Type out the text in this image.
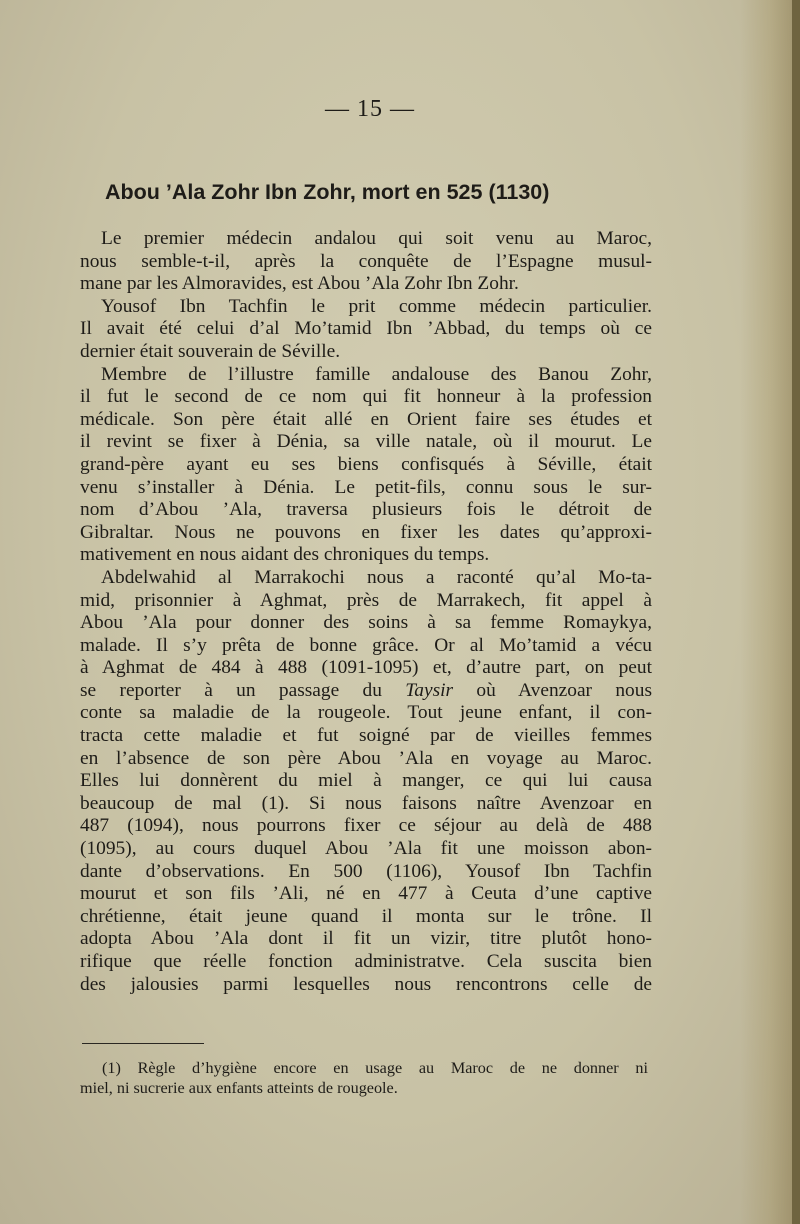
— 15 —
Abou ’Ala Zohr Ibn Zohr, mort en 525 (1130)
Le premier médecin andalou qui soit venu au Maroc,
nous semble-t-il, après la conquête de l’Espagne musul-
mane par les Almoravides, est Abou ’Ala Zohr Ibn Zohr.
Yousof Ibn Tachfin le prit comme médecin particulier.
Il avait été celui d’al Mo’tamid Ibn ’Abbad, du temps où ce
dernier était souverain de Séville.
Membre de l’illustre famille andalouse des Banou Zohr,
il fut le second de ce nom qui fit honneur à la profession
médicale. Son père était allé en Orient faire ses études et
il revint se fixer à Dénia, sa ville natale, où il mourut. Le
grand-père ayant eu ses biens confisqués à Séville, était
venu s’installer à Dénia. Le petit-fils, connu sous le sur-
nom d’Abou ’Ala, traversa plusieurs fois le détroit de
Gibraltar. Nous ne pouvons en fixer les dates qu’approxi-
mativement en nous aidant des chroniques du temps.
Abdelwahid al Marrakochi nous a raconté qu’al Mo-ta-
mid, prisonnier à Aghmat, près de Marrakech, fit appel à
Abou ’Ala pour donner des soins à sa femme Romaykya,
malade. Il s’y prêta de bonne grâce. Or al Mo’tamid a vécu
à Aghmat de 484 à 488 (1091-1095) et, d’autre part, on peut
se reporter à un passage du Taysir où Avenzoar nous
conte sa maladie de la rougeole. Tout jeune enfant, il con-
tracta cette maladie et fut soigné par de vieilles femmes
en l’absence de son père Abou ’Ala en voyage au Maroc.
Elles lui donnèrent du miel à manger, ce qui lui causa
beaucoup de mal (1). Si nous faisons naître Avenzoar en
487 (1094), nous pourrons fixer ce séjour au delà de 488
(1095), au cours duquel Abou ’Ala fit une moisson abon-
dante d’observations. En 500 (1106), Yousof Ibn Tachfin
mourut et son fils ’Ali, né en 477 à Ceuta d’une captive
chrétienne, était jeune quand il monta sur le trône. Il
adopta Abou ’Ala dont il fit un vizir, titre plutôt hono-
rifique que réelle fonction administratve. Cela suscita bien
des jalousies parmi lesquelles nous rencontrons celle de
(1) Règle d’hygiène encore en usage au Maroc de ne donner ni
miel, ni sucrerie aux enfants atteints de rougeole.
